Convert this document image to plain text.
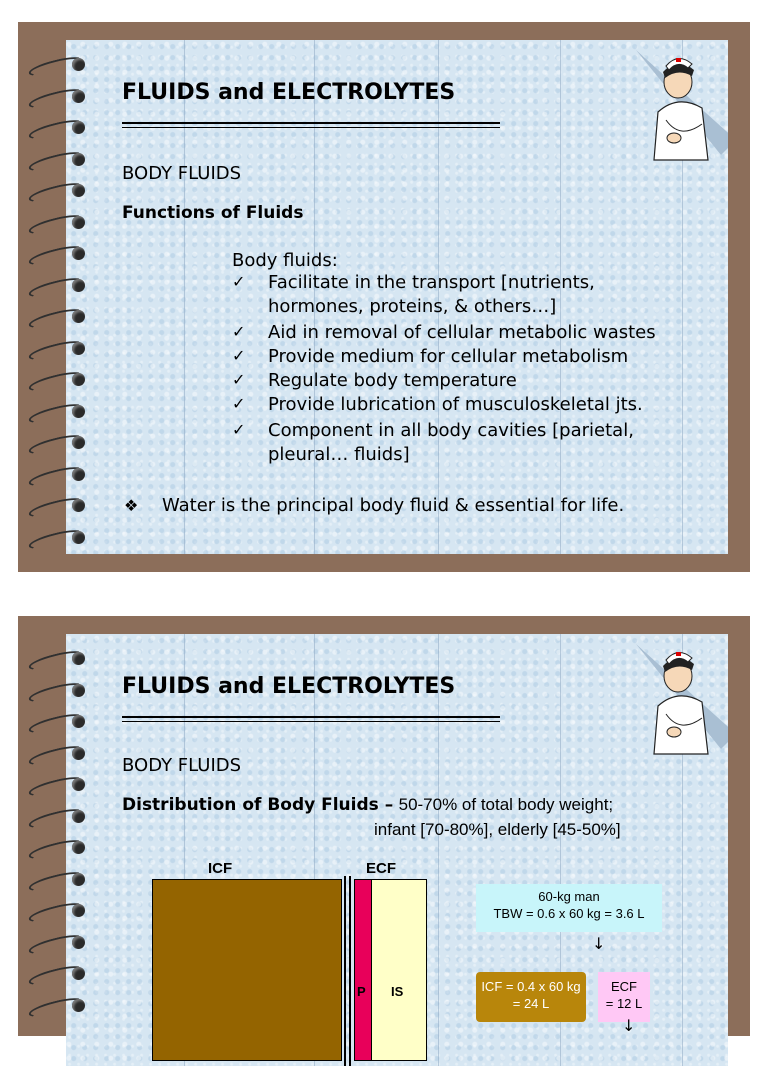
FLUIDS and ELECTROLYTES
BODY FLUIDS
Functions of Fluids
Body fluids:
✓ Facilitate in the transport [nutrients,
hormones, proteins, & others…]
✓ Aid in removal of cellular metabolic wastes
✓ Provide medium for cellular metabolism
✓ Regulate body temperature
✓ Provide lubrication of musculoskeletal jts.
✓ Component in all body cavities [parietal,
pleural… fluids]
❖ Water is the principal body fluid & essential for life.
FLUIDS and ELECTROLYTES
BODY FLUIDS
Distribution of Body Fluids – 50-70% of total body weight;
infant [70-80%], elderly [45-50%]
ICF	ECF
P IS
60-kg man
TBW = 0.6 x 60 kg = 3.6 L
↓
ICF = 0.4 x 60 kg
= 24 L
ECF
= 12 L
↓
